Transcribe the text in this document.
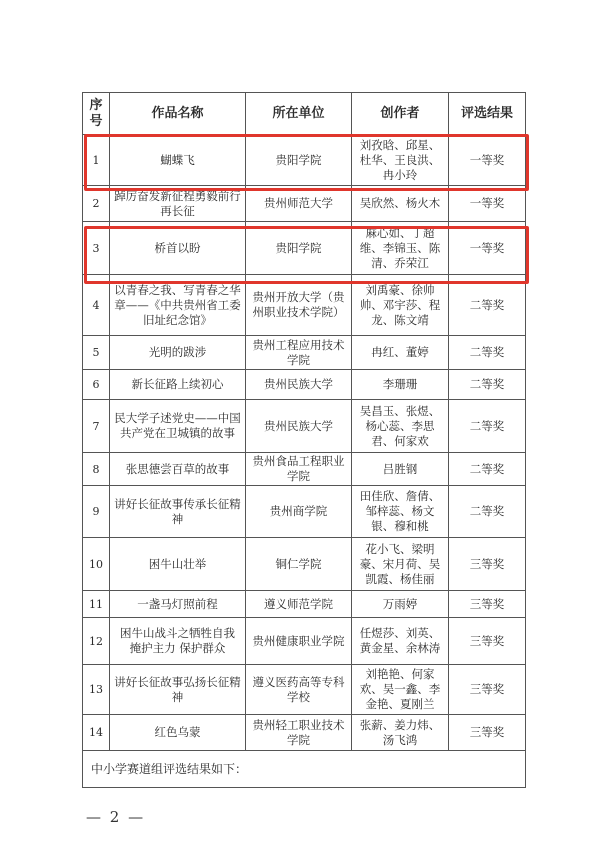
序号	作品名称	所在单位	创作者	评选结果
1	蝴蝶飞	贵阳学院	刘孜晗、邱星、杜华、王良洪、冉小玲	一等奖
2	踔厉奋发新征程勇毅前行再长征	贵州师范大学	吴欣然、杨火木	一等奖
3	桥首以盼	贵阳学院	麻心如、丁超维、李锦玉、陈清、乔荣江	一等奖
4	以青春之我、写青春之华章——《中共贵州省工委旧址纪念馆》	贵州开放大学（贵州职业技术学院）	刘禹豪、徐帅帅、邓宇莎、程龙、陈文靖	二等奖
5	光明的跋涉	贵州工程应用技术学院	冉红、董婷	二等奖
6	新长征路上续初心	贵州民族大学	李珊珊	二等奖
7	民大学子述党史——中国共产党在卫城镇的故事	贵州民族大学	吴昌玉、张煜、杨心蕊、李思君、何家欢	二等奖
8	张思德尝百草的故事	贵州食品工程职业学院	吕胜钢	二等奖
9	讲好长征故事传承长征精神	贵州商学院	田佳欣、詹倩、邹梓蕊、杨文银、穆和桃	二等奖
10	困牛山壮举	铜仁学院	花小飞、梁明豪、宋月荷、吴凯霞、杨佳丽	三等奖
11	一盏马灯照前程	遵义师范学院	万雨婷	三等奖
12	困牛山战斗之牺牲自我 掩护主力 保护群众	贵州健康职业学院	任煜莎、刘英、黄金星、余林涛	三等奖
13	讲好长征故事弘扬长征精神	遵义医药高等专科学校	刘艳艳、何家欢、吴一鑫、李金艳、夏刚兰	三等奖
14	红色乌蒙	贵州轻工职业技术学院	张薪、姜力炜、汤飞鸿	三等奖
中小学赛道组评选结果如下：				
— 2 —
